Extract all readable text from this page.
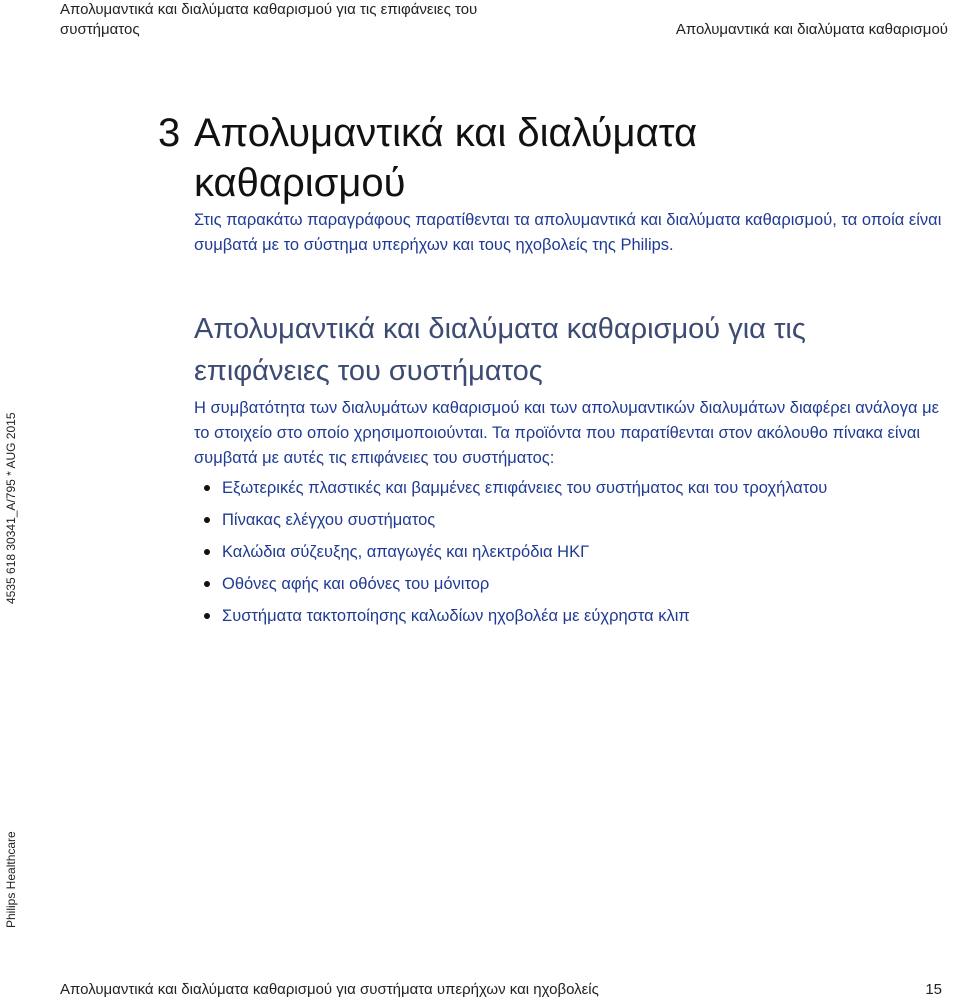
Απολυμαντικά και διαλύματα καθαρισμού για τις επιφάνειες του συστήματος	Απολυμαντικά και διαλύματα καθαρισμού
3 Απολυμαντικά και διαλύματα καθαρισμού
Στις παρακάτω παραγράφους παρατίθενται τα απολυμαντικά και διαλύματα καθαρισμού, τα οποία είναι συμβατά με το σύστημα υπερήχων και τους ηχοβολείς της Philips.
Απολυμαντικά και διαλύματα καθαρισμού για τις επιφάνειες του συστήματος
Η συμβατότητα των διαλυμάτων καθαρισμού και των απολυμαντικών διαλυμάτων διαφέρει ανάλογα με το στοιχείο στο οποίο χρησιμοποιούνται. Τα προϊόντα που παρατίθενται στον ακόλουθο πίνακα είναι συμβατά με αυτές τις επιφάνειες του συστήματος:
Εξωτερικές πλαστικές και βαμμένες επιφάνειες του συστήματος και του τροχήλατου
Πίνακας ελέγχου συστήματος
Καλώδια σύζευξης, απαγωγές και ηλεκτρόδια ΗΚΓ
Οθόνες αφής και οθόνες του μόνιτορ
Συστήματα τακτοποίησης καλωδίων ηχοβολέα με εύχρηστα κλιπ
4535 618 30341_A/795 * AUG 2015
Philips Healthcare
Απολυμαντικά και διαλύματα καθαρισμού για συστήματα υπερήχων και ηχοβολείς	15
